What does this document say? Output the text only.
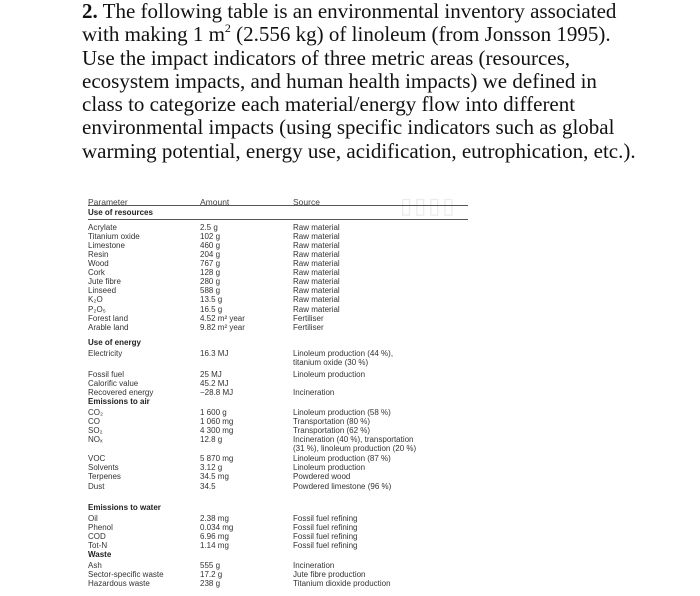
2. The following table is an environmental inventory associated with making 1 $m^2$ (2.556 kg) of linoleum (from Jonsson 1995). Use the impact indicators of three metric areas (resources, ecosystem impacts, and human health impacts) we defined in class to categorize each material/energy flow into different environmental impacts (using specific indicators such as global warming potential, energy use, acidification, eutrophication, etc.).

▯▯▯▯
Parameter	Amount	Source
Use of resources
Acrylate	2.5 g	Raw material
Titanium oxide	102 g	Raw material
Limestone	460 g	Raw material
Resin	204 g	Raw material
Wood	767 g	Raw material
Cork	128 g	Raw material
Jute fibre	280 g	Raw material
Linseed	588 g	Raw material
K₂O	13.5 g	Raw material
P₂O₅	16.5 g	Raw material
Forest land	4.52 m² year	Fertiliser
Arable land	9.82 m² year	Fertiliser
Use of energy
Electricity	16.3 MJ	Linoleum production (44 %),
titanium oxide (30 %)
Fossil fuel	25 MJ	Linoleum production
Calorific value	45.2 MJ
Recovered energy	−28.8 MJ	Incineration
Emissions to air
CO₂	1 600 g	Linoleum production (58 %)
CO	1 060 mg	Transportation (80 %)
SO₂	4 300 mg	Transportation (62 %)
NOₓ	12.8 g	Incineration (40 %), transportation
(31 %), linoleum production (20 %)
VOC	5 870 mg	Linoleum production (87 %)
Solvents	3.12 g	Linoleum production
Terpenes	34.5 mg	Powdered wood
Dust	34.5	Powdered limestone (96 %)
Emissions to water
Oil	2.38 mg	Fossil fuel refining
Phenol	0.034 mg	Fossil fuel refining
COD	6.96 mg	Fossil fuel refining
Tot-N	1.14 mg	Fossil fuel refining
Waste
Ash	555 g	Incineration
Sector-specific waste	17.2 g	Jute fibre production
Hazardous waste	238 g	Titanium dioxide production
